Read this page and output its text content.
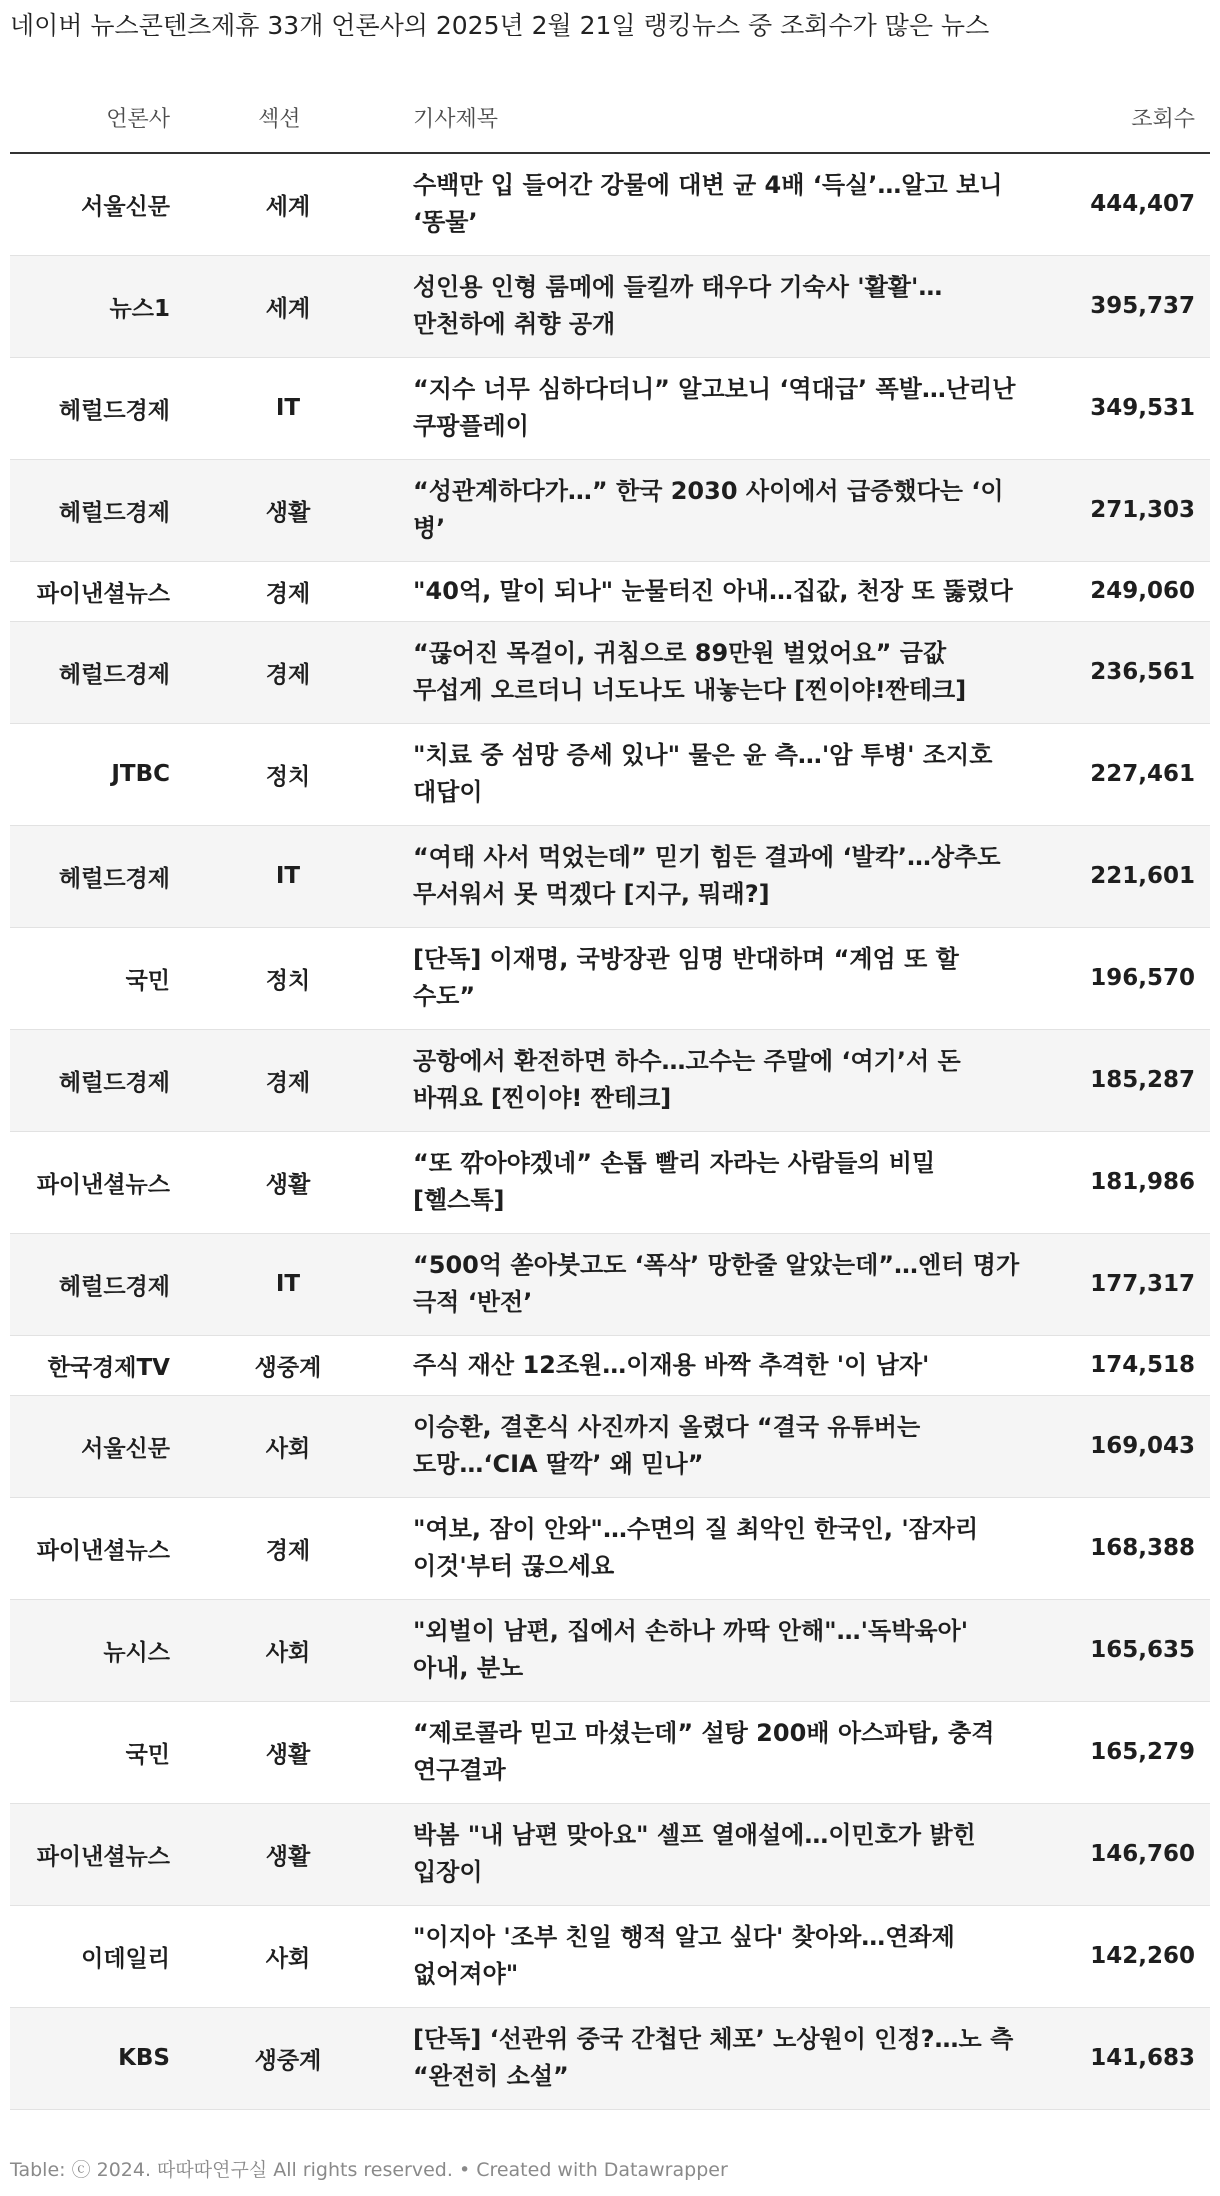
네이버 뉴스콘텐츠제휴 33개 언론사의 2025년 2월 21일 랭킹뉴스 중 조회수가 많은 뉴스
언론사	섹션	기사제목	조회수
서울신문	세계	수백만 입 들어간 강물에 대변 균 4배 ‘득실’…알고 보니 ‘똥물’	444,407
뉴스1	세계	성인용 인형 룸메에 들킬까 태우다 기숙사 '활활'…만천하에 취향 공개	395,737
헤럴드경제	IT	“지수 너무 심하다더니” 알고보니 ‘역대급’ 폭발…난리난 쿠팡플레이	349,531
헤럴드경제	생활	“성관계하다가…” 한국 2030 사이에서 급증했다는 ‘이 병’	271,303
파이낸셜뉴스	경제	"40억, 말이 되나" 눈물터진 아내…집값, 천장 또 뚫렸다	249,060
헤럴드경제	경제	“끊어진 목걸이, 귀침으로 89만원 벌었어요” 금값 무섭게 오르더니 너도나도 내놓는다 [찐이야!짠테크]	236,561
JTBC	정치	"치료 중 섬망 증세 있나" 물은 윤 측…'암 투병' 조지호 대답이	227,461
헤럴드경제	IT	“여태 사서 먹었는데” 믿기 힘든 결과에 ‘발칵’…상추도 무서워서 못 먹겠다 [지구, 뭐래?]	221,601
국민	정치	[단독] 이재명, 국방장관 임명 반대하며 “계엄 또 할 수도”	196,570
헤럴드경제	경제	공항에서 환전하면 하수…고수는 주말에 ‘여기’서 돈 바꿔요 [찐이야! 짠테크]	185,287
파이낸셜뉴스	생활	“또 깎아야겠네” 손톱 빨리 자라는 사람들의 비밀 [헬스톡]	181,986
헤럴드경제	IT	“500억 쏟아붓고도 ‘폭삭’ 망한줄 알았는데”…엔터 명가 극적 ‘반전’	177,317
한국경제TV	생중계	주식 재산 12조원…이재용 바짝 추격한 '이 남자'	174,518
서울신문	사회	이승환, 결혼식 사진까지 올렸다 “결국 유튜버는 도망…‘CIA 딸깍’ 왜 믿나”	169,043
파이낸셜뉴스	경제	"여보, 잠이 안와"…수면의 질 최악인 한국인, '잠자리 이것'부터 끊으세요	168,388
뉴시스	사회	"외벌이 남편, 집에서 손하나 까딱 안해"…'독박육아' 아내, 분노	165,635
국민	생활	“제로콜라 믿고 마셨는데” 설탕 200배 아스파탐, 충격 연구결과	165,279
파이낸셜뉴스	생활	박봄 "내 남편 맞아요" 셀프 열애설에…이민호가 밝힌 입장이	146,760
이데일리	사회	"이지아 '조부 친일 행적 알고 싶다' 찾아와…연좌제 없어져야"	142,260
KBS	생중계	[단독] ‘선관위 중국 간첩단 체포’ 노상원이 인정?…노 측 “완전히 소설”	141,683
Table: ⓒ 2024. 따따따연구실 All rights reserved. • Created with Datawrapper
